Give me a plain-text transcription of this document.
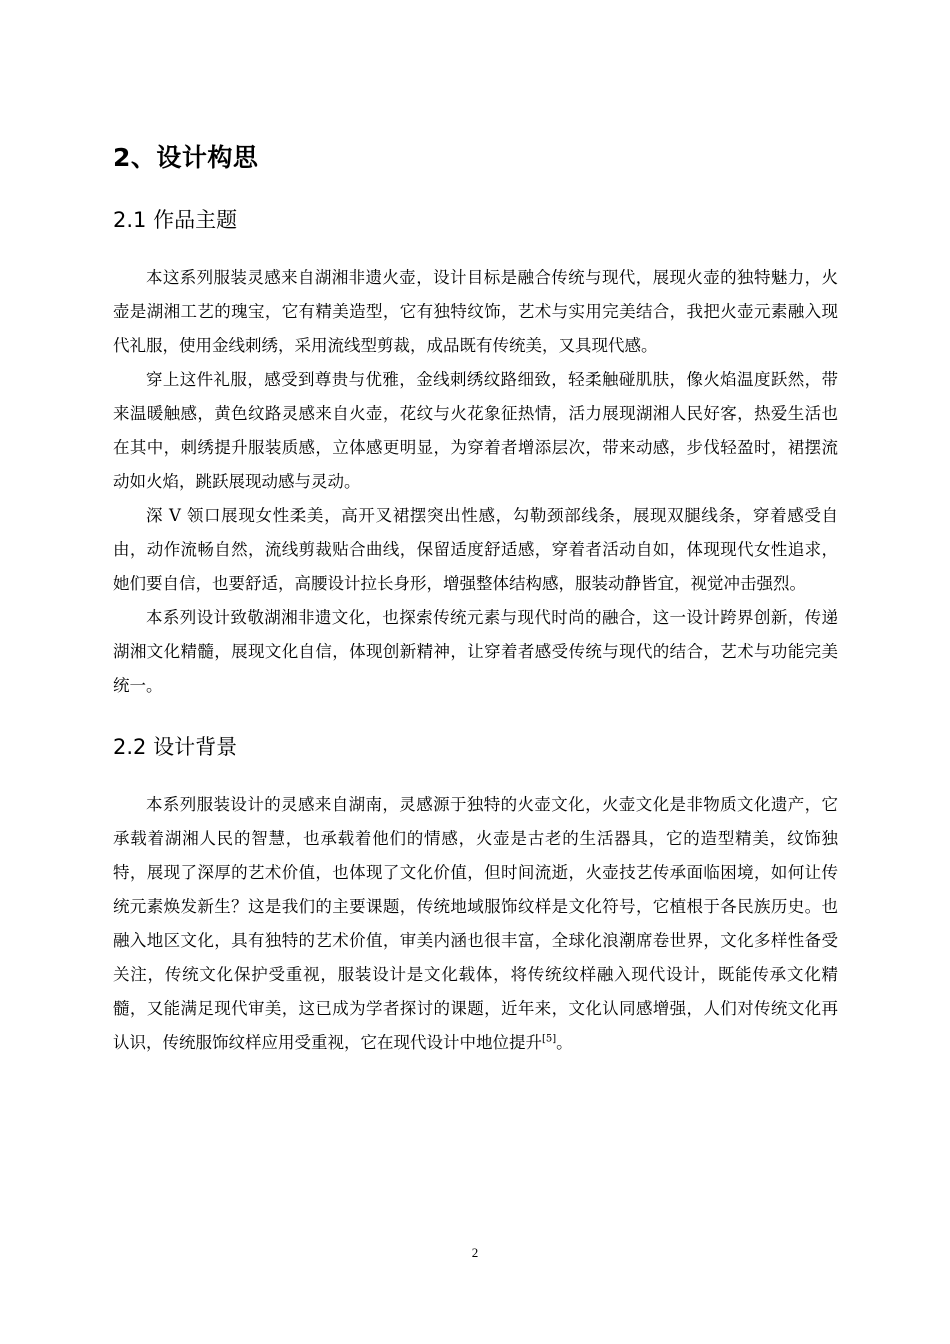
2、设计构思
2.1 作品主题

本这系列服装灵感来自湖湘非遗火壶，设计目标是融合传统与现代，展现火壶的独特魅力，火壶是湖湘工艺的瑰宝，它有精美造型，它有独特纹饰，艺术与实用完美结合，我把火壶元素融入现代礼服，使用金线刺绣，采用流线型剪裁，成品既有传统美，又具现代感。

穿上这件礼服，感受到尊贵与优雅，金线刺绣纹路细致，轻柔触碰肌肤，像火焰温度跃然，带来温暖触感，黄色纹路灵感来自火壶，花纹与火花象征热情，活力展现湖湘人民好客，热爱生活也在其中，刺绣提升服装质感，立体感更明显，为穿着者增添层次，带来动感，步伐轻盈时，裙摆流动如火焰，跳跃展现动感与灵动。

深 V 领口展现女性柔美，高开叉裙摆突出性感，勾勒颈部线条，展现双腿线条，穿着感受自由，动作流畅自然，流线剪裁贴合曲线，保留适度舒适感，穿着者活动自如，体现现代女性追求，她们要自信，也要舒适，高腰设计拉长身形，增强整体结构感，服装动静皆宜，视觉冲击强烈。

本系列设计致敬湖湘非遗文化，也探索传统元素与现代时尚的融合，这一设计跨界创新，传递湖湘文化精髓，展现文化自信，体现创新精神，让穿着者感受传统与现代的结合，艺术与功能完美统一。

2.2 设计背景

本系列服装设计的灵感来自湖南，灵感源于独特的火壶文化，火壶文化是非物质文化遗产，它承载着湖湘人民的智慧，也承载着他们的情感，火壶是古老的生活器具，它的造型精美，纹饰独特，展现了深厚的艺术价值，也体现了文化价值，但时间流逝，火壶技艺传承面临困境，如何让传统元素焕发新生？这是我们的主要课题，传统地域服饰纹样是文化符号，它植根于各民族历史。也融入地区文化，具有独特的艺术价值，审美内涵也很丰富，全球化浪潮席卷世界，文化多样性备受关注，传统文化保护受重视，服装设计是文化载体，将传统纹样融入现代设计，既能传承文化精髓，又能满足现代审美，这已成为学者探讨的课题，近年来，文化认同感增强，人们对传统文化再认识，传统服饰纹样应用受重视，它在现代设计中地位提升[5]。

2
